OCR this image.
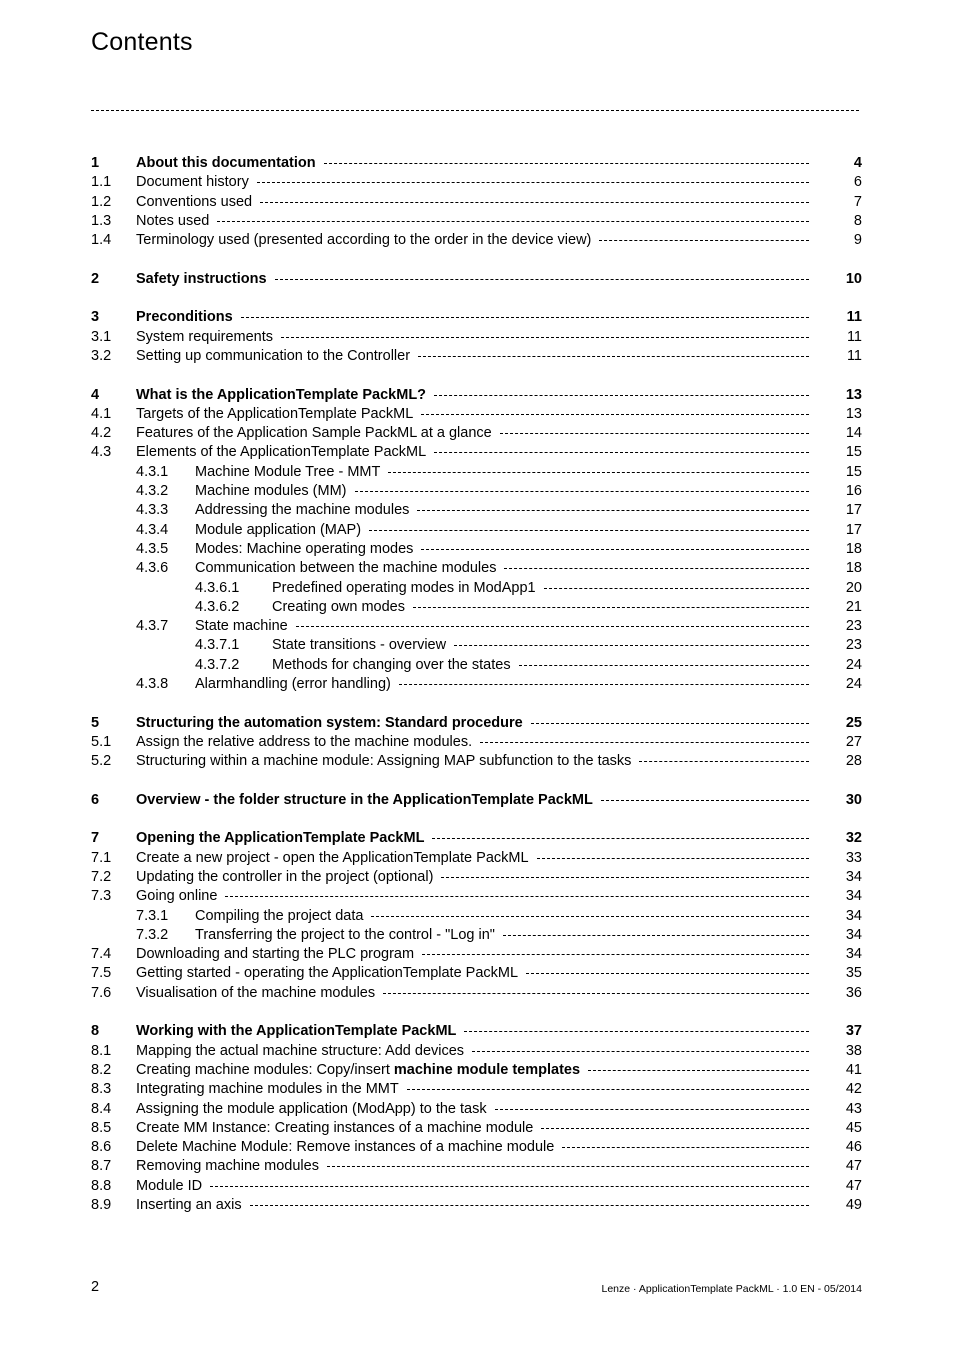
Contents
1	About this documentation	4
1.1 Document history	6
1.2 Conventions used	7
1.3 Notes used	8
1.4 Terminology used (presented according to the order in the device view)	9
2	Safety instructions	10
3	Preconditions	11
3.1 System requirements	11
3.2 Setting up communication to the Controller	11
4	What is the ApplicationTemplate PackML?	13
4.1 Targets of the ApplicationTemplate PackML	13
4.2 Features of the Application Sample PackML at a glance	14
4.3 Elements of the ApplicationTemplate PackML	15
4.3.1 Machine Module Tree - MMT	15
4.3.2 Machine modules (MM)	16
4.3.3 Addressing the machine modules	17
4.3.4 Module application (MAP)	17
4.3.5 Modes: Machine operating modes	18
4.3.6 Communication between the machine modules	18
4.3.6.1 Predefined operating modes in ModApp1	20
4.3.6.2 Creating own modes	21
4.3.7 State machine	23
4.3.7.1 State transitions - overview	23
4.3.7.2 Methods for changing over the states	24
4.3.8 Alarmhandling (error handling)	24
5	Structuring the automation system: Standard procedure	25
5.1 Assign the relative address to the machine modules.	27
5.2 Structuring within a machine module: Assigning MAP subfunction to the tasks	28
6	Overview - the folder structure in the ApplicationTemplate PackML	30
7	Opening the ApplicationTemplate PackML	32
7.1 Create a new project - open the ApplicationTemplate PackML	33
7.2 Updating the controller in the project (optional)	34
7.3 Going online	34
7.3.1 Compiling the project data	34
7.3.2 Transferring the project to the control - "Log in"	34
7.4 Downloading and starting the PLC program	34
7.5 Getting started - operating the ApplicationTemplate PackML	35
7.6 Visualisation of the machine modules	36
8	Working with the ApplicationTemplate PackML	37
8.1 Mapping the actual machine structure: Add devices	38
8.2 Creating machine modules: Copy/insert machine module templates	41
8.3 Integrating machine modules in the MMT	42
8.4 Assigning the module application (ModApp) to the task	43
8.5 Create MM Instance: Creating instances of a machine module	45
8.6 Delete Machine Module: Remove instances of a machine module	46
8.7 Removing machine modules	47
8.8 Module ID	47
8.9 Inserting an axis	49
2	Lenze · ApplicationTemplate PackML · 1.0 EN - 05/2014
